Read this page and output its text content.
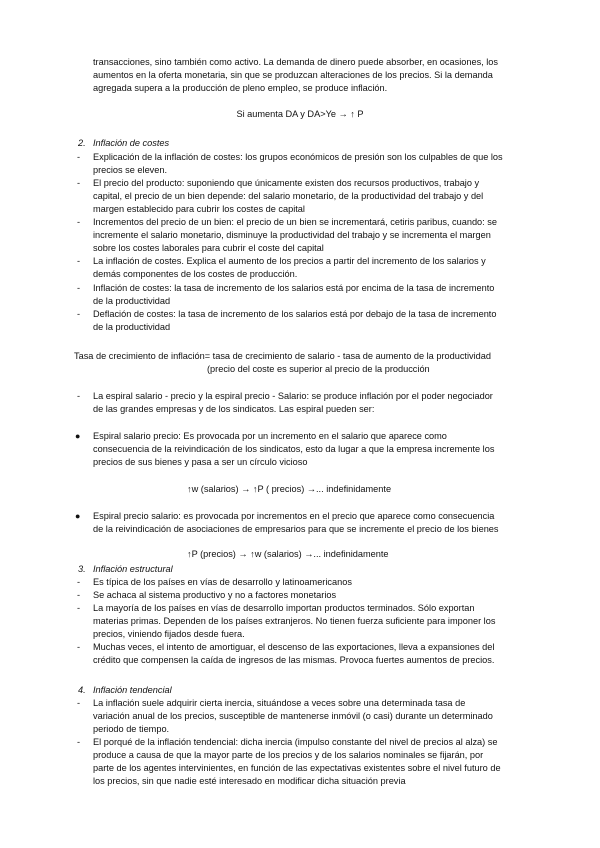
transacciones, sino también como activo. La demanda de dinero puede absorber, en ocasiones, los
aumentos en la oferta monetaria, sin que se produzcan alteraciones de los precios. Si la demanda
agregada supera a la producción de pleno empleo, se produce inflación.
Si aumenta DA y DA>Ye → ↑ P
2. Inflación de costes
- Explicación de la inflación de costes: los grupos económicos de presión son los culpables de que los
precios se eleven.
- El precio del producto: suponiendo que únicamente existen dos recursos productivos, trabajo y
capital, el precio de un bien depende: del salario monetario, de la productividad del trabajo y del
margen establecido para cubrir los costes de capital
- Incrementos del precio de un bien: el precio de un bien se incrementará, cetiris paribus, cuando: se
incremente el salario monetario, disminuye la productividad del trabajo y se incrementa el margen
sobre los costes laborales para cubrir el coste del capital
- La inflación de costes. Explica el aumento de los precios a partir del incremento de los salarios y
demás componentes de los costes de producción.
- Inflación de costes: la tasa de incremento de los salarios está por encima de la tasa de incremento
de la productividad
- Deflación de costes: la tasa de incremento de los salarios está por debajo de la tasa de incremento
de la productividad
Tasa de crecimiento de inflación= tasa de crecimiento de salario - tasa de aumento de la productividad
(precio del coste es superior al precio de la producción
- La espiral salario - precio y la espiral precio - Salario: se produce inflación por el poder negociador
de las grandes empresas y de los sindicatos. Las espiral pueden ser:
● Espiral salario precio: Es provocada por un incremento en el salario que aparece como
consecuencia de la reivindicación de los sindicatos, esto da lugar a que la empresa incremente los
precios de sus bienes y pasa a ser un círculo vicioso
↑w (salarios) → ↑P ( precios) →... indefinidamente
● Espiral precio salario: es provocada por incrementos en el precio que aparece como consecuencia
de la reivindicación de asociaciones de empresarios para que se incremente el precio de los bienes
↑P (precios) → ↑w (salarios) →... indefinidamente
3. Inflación estructural
- Es típica de los países en vías de desarrollo y latinoamericanos
- Se achaca al sistema productivo y no a factores monetarios
- La mayoría de los países en vías de desarrollo importan productos terminados. Sólo exportan
materias primas. Dependen de los países extranjeros. No tienen fuerza suficiente para imponer los
precios, viniendo fijados desde fuera.
- Muchas veces, el intento de amortiguar, el descenso de las exportaciones, lleva a expansiones del
crédito que compensen la caída de ingresos de las mismas. Provoca fuertes aumentos de precios.
4. Inflación tendencial
- La inflación suele adquirir cierta inercia, situándose a veces sobre una determinada tasa de
variación anual de los precios, susceptible de mantenerse inmóvil (o casi) durante un determinado
periodo de tiempo.
- El porqué de la inflación tendencial: dicha inercia (impulso constante del nivel de precios al alza) se
produce a causa de que la mayor parte de los precios y de los salarios nominales se fijarán, por
parte de los agentes intervinientes, en función de las expectativas existentes sobre el nivel futuro de
los precios, sin que nadie esté interesado en modificar dicha situación previa
